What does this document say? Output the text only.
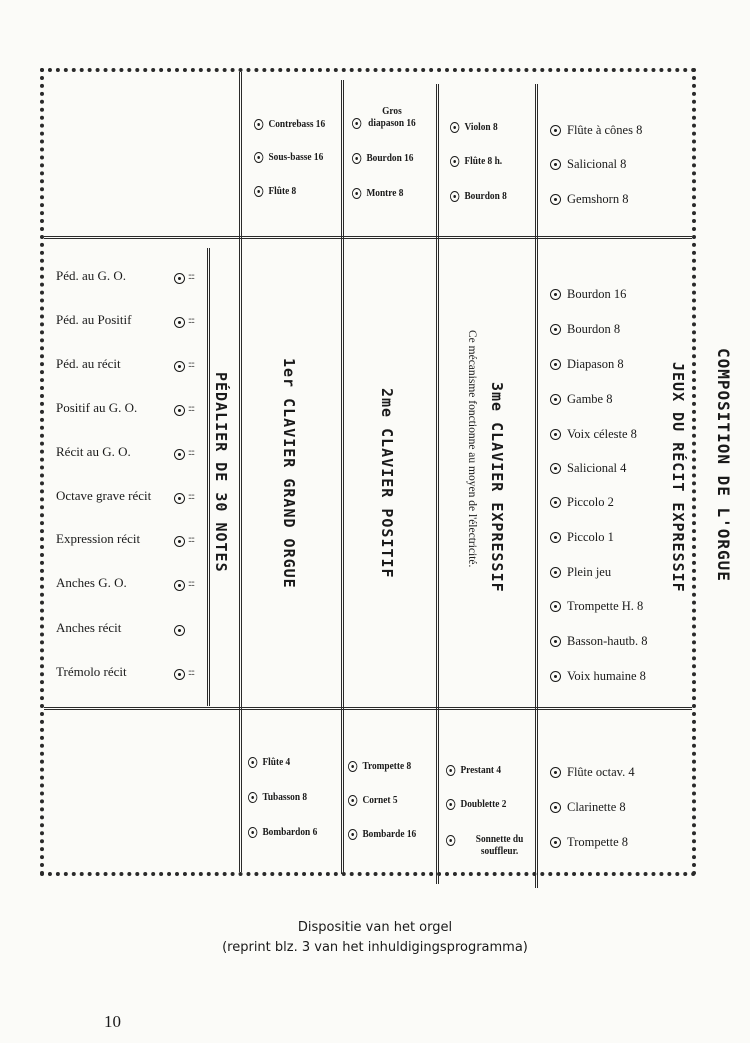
Contrebass 16
Sous-basse 16
Flûte 8
Gros diapason 16
Bourdon 16
Montre 8
Violon 8
Flûte 8 h.
Bourdon 8
Flûte à cônes 8
Salicional 8
Gemshorn 8
Péd. au G. O.	::::
Péd. au Positif	::::
Péd. au récit	::::
Positif au G. O.	::::
Récit au G. O.	::::
Octave grave récit	::::
Expression récit	::::
Anches G. O.	::::
Anches récit
Trémolo récit	::::
PÉDALIER DE 30 NOTES	1er CLAVIER GRAND ORGUE	2me CLAVIER POSITIF	3me CLAVIER EXPRESSIF
Ce mécanisme fonctionne au moyen de l'électricité.	JEUX DU RÉCIT EXPRESSIF COMPOSITION DE L'ORGUE
Bourdon 16
Bourdon 8
Diapason 8
Gambe 8
Voix céleste 8
Salicional 4
Piccolo 2
Piccolo 1
Plein jeu
Trompette H. 8
Basson-hautb. 8
Voix humaine 8
Flûte 4
Tubasson 8
Bombardon 6
Trompette 8
Cornet 5
Bombarde 16
Prestant 4
Doublette 2
Sonnette du souffleur.
Flûte octav. 4
Clarinette 8
Trompette 8
Dispositie van het orgel
(reprint blz. 3 van het inhuldigingsprogramma)
10
